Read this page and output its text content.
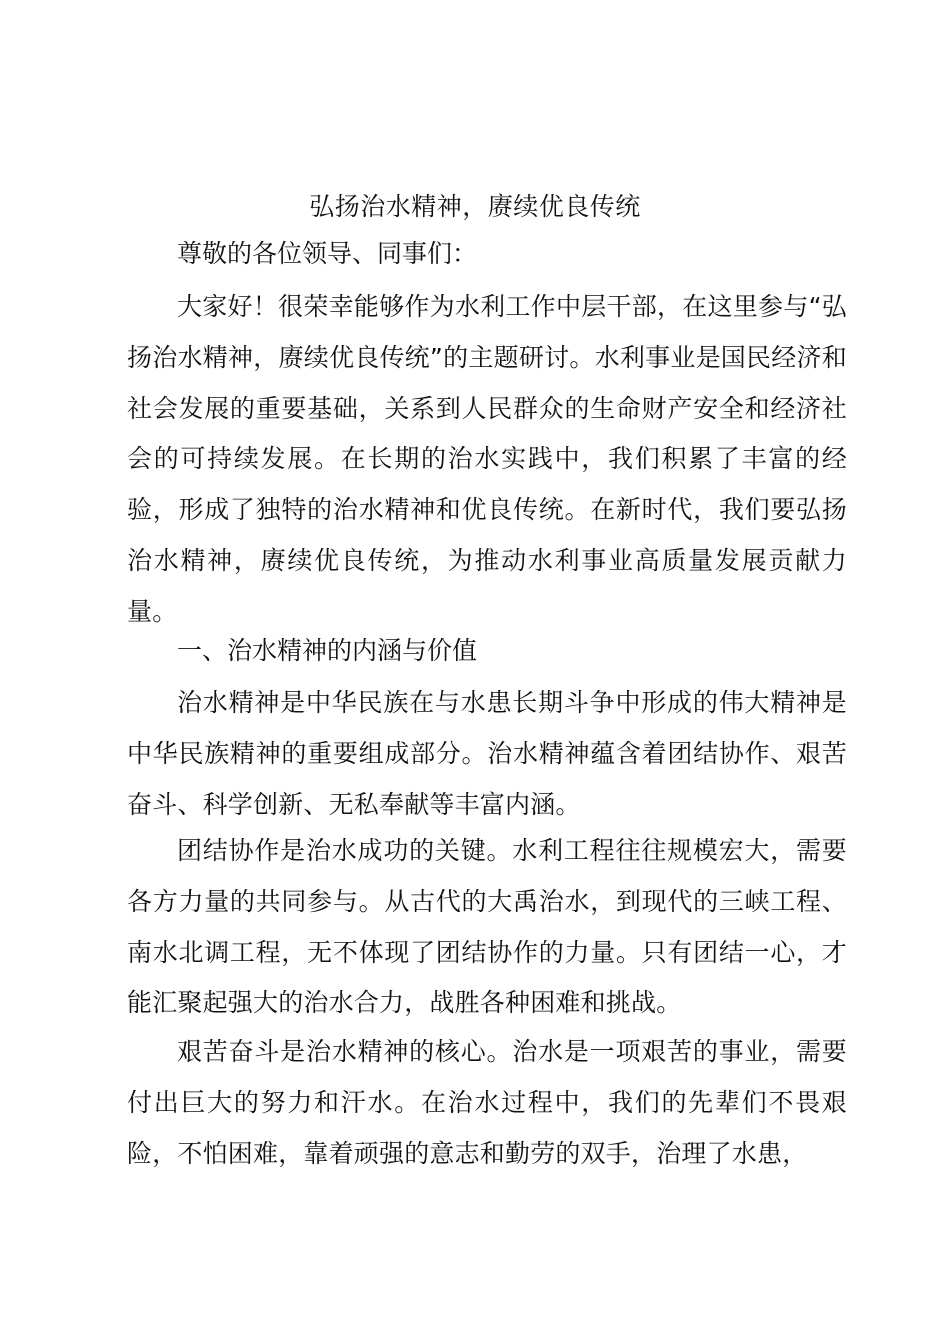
弘扬治水精神，赓续优良传统

尊敬的各位领导、同事们：

大家好！很荣幸能够作为水利工作中层干部，在这里参与“弘扬治水精神，赓续优良传统”的主题研讨。水利事业是国民经济和社会发展的重要基础，关系到人民群众的生命财产安全和经济社会的可持续发展。在长期的治水实践中，我们积累了丰富的经验，形成了独特的治水精神和优良传统。在新时代，我们要弘扬治水精神，赓续优良传统，为推动水利事业高质量发展贡献力量。

一、治水精神的内涵与价值

治水精神是中华民族在与水患长期斗争中形成的伟大精神是中华民族精神的重要组成部分。治水精神蕴含着团结协作、艰苦奋斗、科学创新、无私奉献等丰富内涵。

团结协作是治水成功的关键。水利工程往往规模宏大，需要各方力量的共同参与。从古代的大禹治水，到现代的三峡工程、南水北调工程，无不体现了团结协作的力量。只有团结一心，才能汇聚起强大的治水合力，战胜各种困难和挑战。

艰苦奋斗是治水精神的核心。治水是一项艰苦的事业，需要付出巨大的努力和汗水。在治水过程中，我们的先辈们不畏艰险，不怕困难，靠着顽强的意志和勤劳的双手，治理了水患，
